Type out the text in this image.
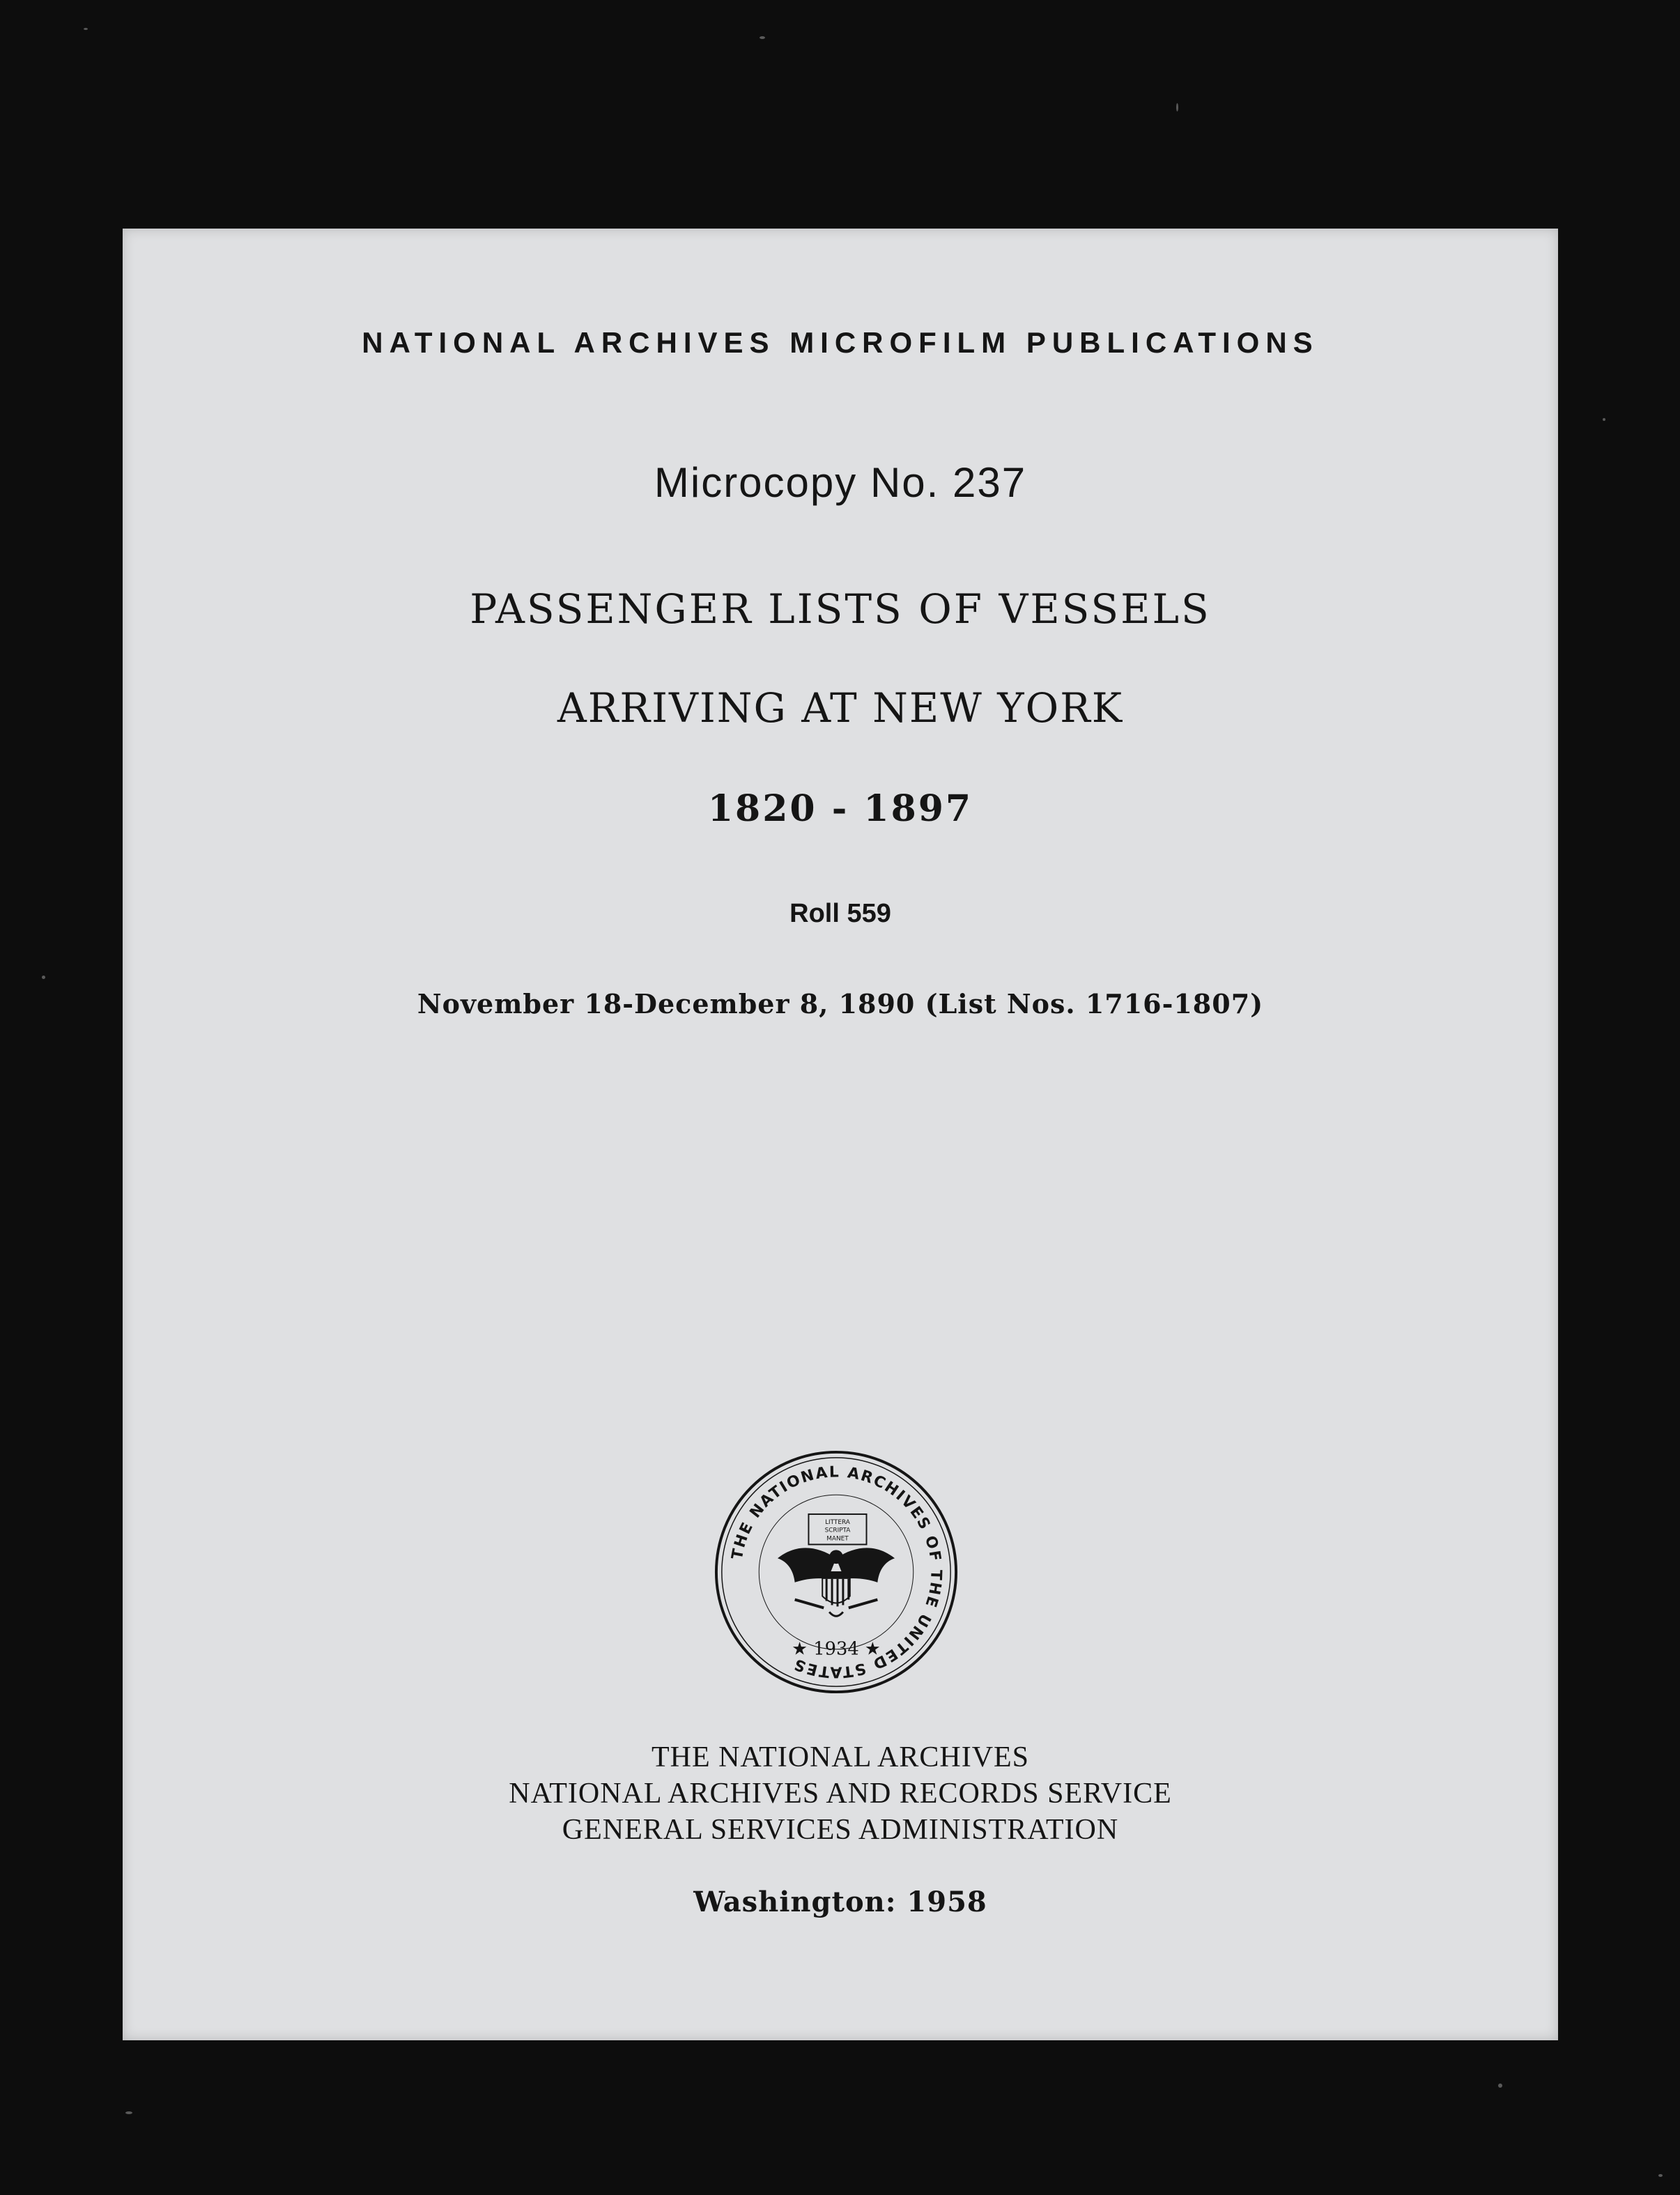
NATIONAL ARCHIVES MICROFILM PUBLICATIONS
Microcopy No. 237
PASSENGER LISTS OF VESSELS
ARRIVING AT NEW YORK
1820 - 1897
Roll 559
November 18-December 8, 1890 (List Nos. 1716-1807)
THE NATIONAL ARCHIVES OF THE UNITED STATES
LITTERA
SCRIPTA
MANET
★ 1934 ★
THE NATIONAL ARCHIVES
NATIONAL ARCHIVES AND RECORDS SERVICE
GENERAL SERVICES ADMINISTRATION
Washington: 1958
